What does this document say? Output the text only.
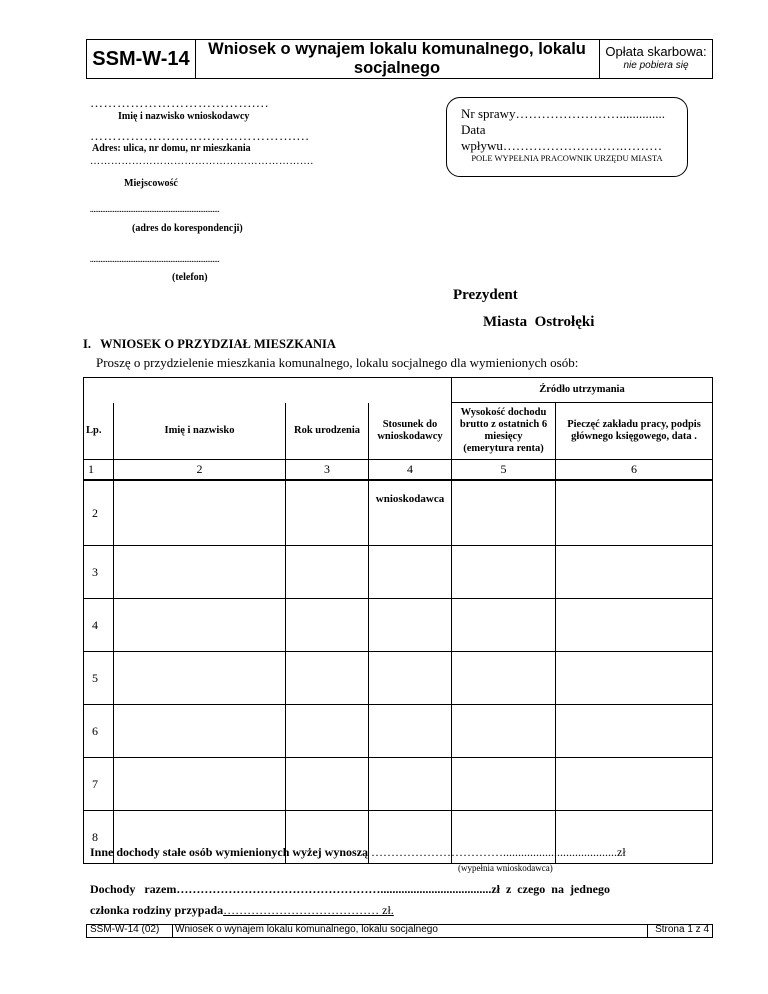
SSM-W-14	Wniosek o wynajem lokalu komunalnego, lokalu socjalnego
Opłata skarbowa:
nie pobiera się
……………………………….…
Imię i nazwisko wnioskodawcy
……………………………………….…
Adres: ulica, nr domu, nr mieszkania
……………………………………………………….
Miejscowość
..........................................................................
(adres do korespondencji)
..........................................................................
(telefon)
Nr sprawy……………………..............
Data wpływu……………………….………
POLE WYPEŁNIA PRACOWNIK URZĘDU MIASTA
Prezydent
Miasta  Ostrołęki
I.   WNIOSEK O PRZYDZIAŁ MIESZKANIA
Proszę o przydzielenie mieszkania komunalnego, lokalu socjalnego dla wymienionych osób:
				Źródło utrzymania	
Lp.	Imię i nazwisko	Rok urodzenia	Stosunek do wnioskodawcy	Wysokość dochodu brutto z ostatnich 6 miesięcy (emerytura renta)	Pieczęć zakładu pracy, podpis głównego księgowego, data .
1	2	3	4	5	6
2			wnioskodawca		
3					
4					
5					
6					
7					
8					
Inne dochody stałe osób wymienionych wyżej wynoszą ……………………………......................................zł
(wypełnia wnioskodawca)
Dochody   razem…………………………………………….....................................zł  z  czego  na  jednego
członka rodziny przypada………………………………… zł.
SSM-W-14 (02) Wniosek o wynajem lokalu komunalnego, lokalu socjalnego	Strona 1 z 4
